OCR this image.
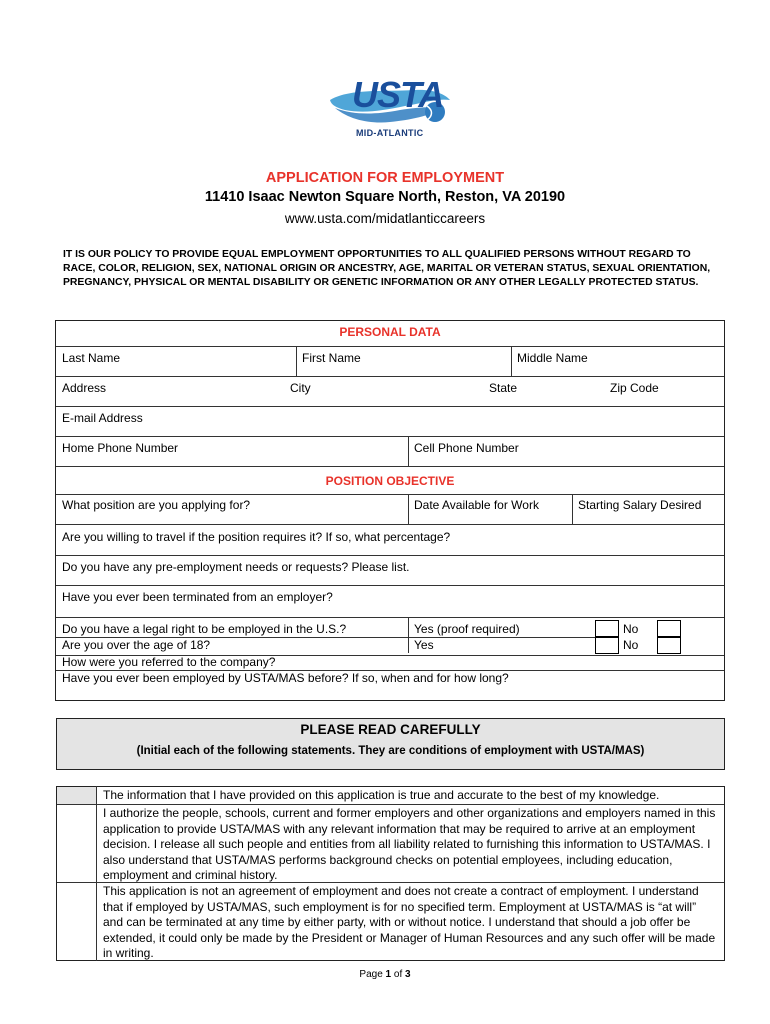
USTA
MID-ATLANTIC
APPLICATION FOR EMPLOYMENT
11410 Isaac Newton Square North, Reston, VA 20190
www.usta.com/midatlanticcareers
IT IS OUR POLICY TO PROVIDE EQUAL EMPLOYMENT OPPORTUNITIES TO ALL QUALIFIED PERSONS WITHOUT REGARD TO RACE, COLOR, RELIGION, SEX, NATIONAL ORIGIN OR ANCESTRY, AGE, MARITAL OR VETERAN STATUS, SEXUAL ORIENTATION, PREGNANCY, PHYSICAL OR MENTAL DISABILITY OR GENETIC INFORMATION OR ANY OTHER LEGALLY PROTECTED STATUS.
PERSONAL DATA
Last Name	First Name	Middle Name
Address	City	State	Zip Code
E-mail Address
Home Phone Number	Cell Phone Number
POSITION OBJECTIVE
What position are you applying for?	Date Available for Work	Starting Salary Desired
Are you willing to travel if the position requires it? If so, what percentage?
Do you have any pre-employment needs or requests? Please list.
Have you ever been terminated from an employer?
Do you have a legal right to be employed in the U.S.?	Yes (proof required)	No
Are you over the age of 18?	Yes	No
How were you referred to the company?
Have you ever been employed by USTA/MAS before? If so, when and for how long?
PLEASE READ CAREFULLY
(Initial each of the following statements. They are conditions of employment with USTA/MAS)
The information that I have provided on this application is true and accurate to the best of my knowledge.
I authorize the people, schools, current and former employers and other organizations and employers named in this application to provide USTA/MAS with any relevant information that may be required to arrive at an employment decision. I release all such people and entities from all liability related to furnishing this information to USTA/MAS. I also understand that USTA/MAS performs background checks on potential employees, including education, employment and criminal history.
This application is not an agreement of employment and does not create a contract of employment. I understand that if employed by USTA/MAS, such employment is for no specified term. Employment at USTA/MAS is “at will” and can be terminated at any time by either party, with or without notice. I understand that should a job offer be extended, it could only be made by the President or Manager of Human Resources and any such offer will be made in writing.
Page 1 of 3
